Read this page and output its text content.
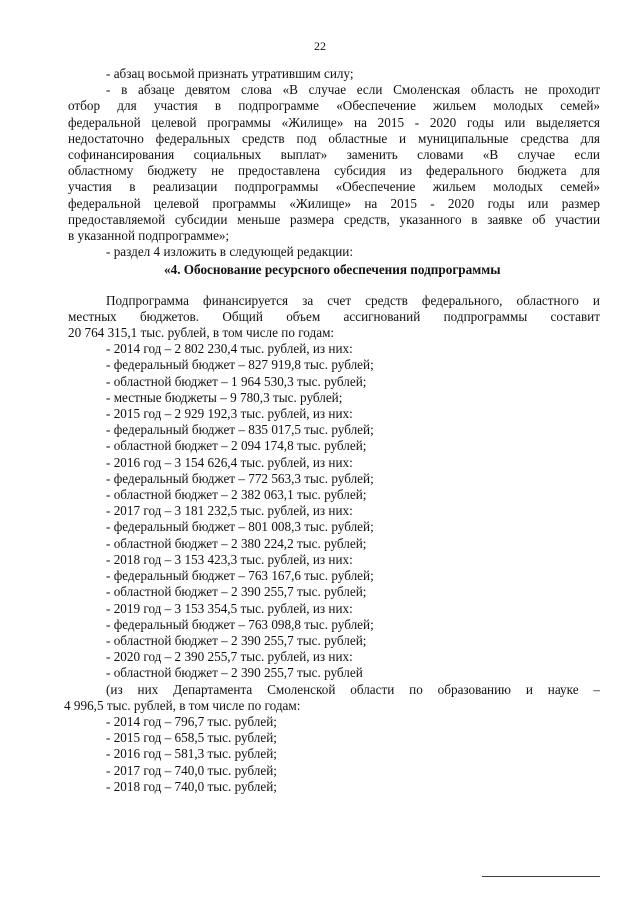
22
- абзац восьмой признать утратившим силу;
- в абзаце девятом слова «В случае если Смоленская область не проходит
отбор для участия в подпрограмме «Обеспечение жильем молодых семей»
федеральной целевой программы «Жилище» на 2015 - 2020 годы или выделяется
недостаточно федеральных средств под областные и муниципальные средства для
софинансирования социальных выплат» заменить словами «В случае если
областному бюджету не предоставлена субсидия из федерального бюджета для
участия в реализации подпрограммы «Обеспечение жильем молодых семей»
федеральной целевой программы «Жилище» на 2015 - 2020 годы или размер
предоставляемой субсидии меньше размера средств, указанного в заявке об участии
в указанной подпрограмме»;
- раздел 4 изложить в следующей редакции:
«4. Обоснование ресурсного обеспечения подпрограммы
Подпрограмма финансируется за счет средств федерального, областного и
местных бюджетов. Общий объем ассигнований подпрограммы составит
20 764 315,1 тыс. рублей, в том числе по годам:
- 2014 год – 2 802 230,4 тыс. рублей, из них:
- федеральный бюджет – 827 919,8 тыс. рублей;
- областной бюджет – 1 964 530,3 тыс. рублей;
- местные бюджеты – 9 780,3 тыс. рублей;
- 2015 год – 2 929 192,3 тыс. рублей, из них:
- федеральный бюджет – 835 017,5 тыс. рублей;
- областной бюджет – 2 094 174,8 тыс. рублей;
- 2016 год – 3 154 626,4 тыс. рублей, из них:
- федеральный бюджет – 772 563,3 тыс. рублей;
- областной бюджет – 2 382 063,1 тыс. рублей;
- 2017 год – 3 181 232,5 тыс. рублей, из них:
- федеральный бюджет – 801 008,3 тыс. рублей;
- областной бюджет – 2 380 224,2 тыс. рублей;
- 2018 год – 3 153 423,3 тыс. рублей, из них:
- федеральный бюджет – 763 167,6 тыс. рублей;
- областной бюджет – 2 390 255,7 тыс. рублей;
- 2019 год – 3 153 354,5 тыс. рублей, из них:
- федеральный бюджет – 763 098,8 тыс. рублей;
- областной бюджет – 2 390 255,7 тыс. рублей;
- 2020 год – 2 390 255,7 тыс. рублей, из них:
- областной бюджет – 2 390 255,7 тыс. рублей
(из них Департамента Смоленской области по образованию и науке –
4 996,5 тыс. рублей, в том числе по годам:
- 2014 год – 796,7 тыс. рублей;
- 2015 год – 658,5 тыс. рублей;
- 2016 год – 581,3 тыс. рублей;
- 2017 год – 740,0 тыс. рублей;
- 2018 год – 740,0 тыс. рублей;
